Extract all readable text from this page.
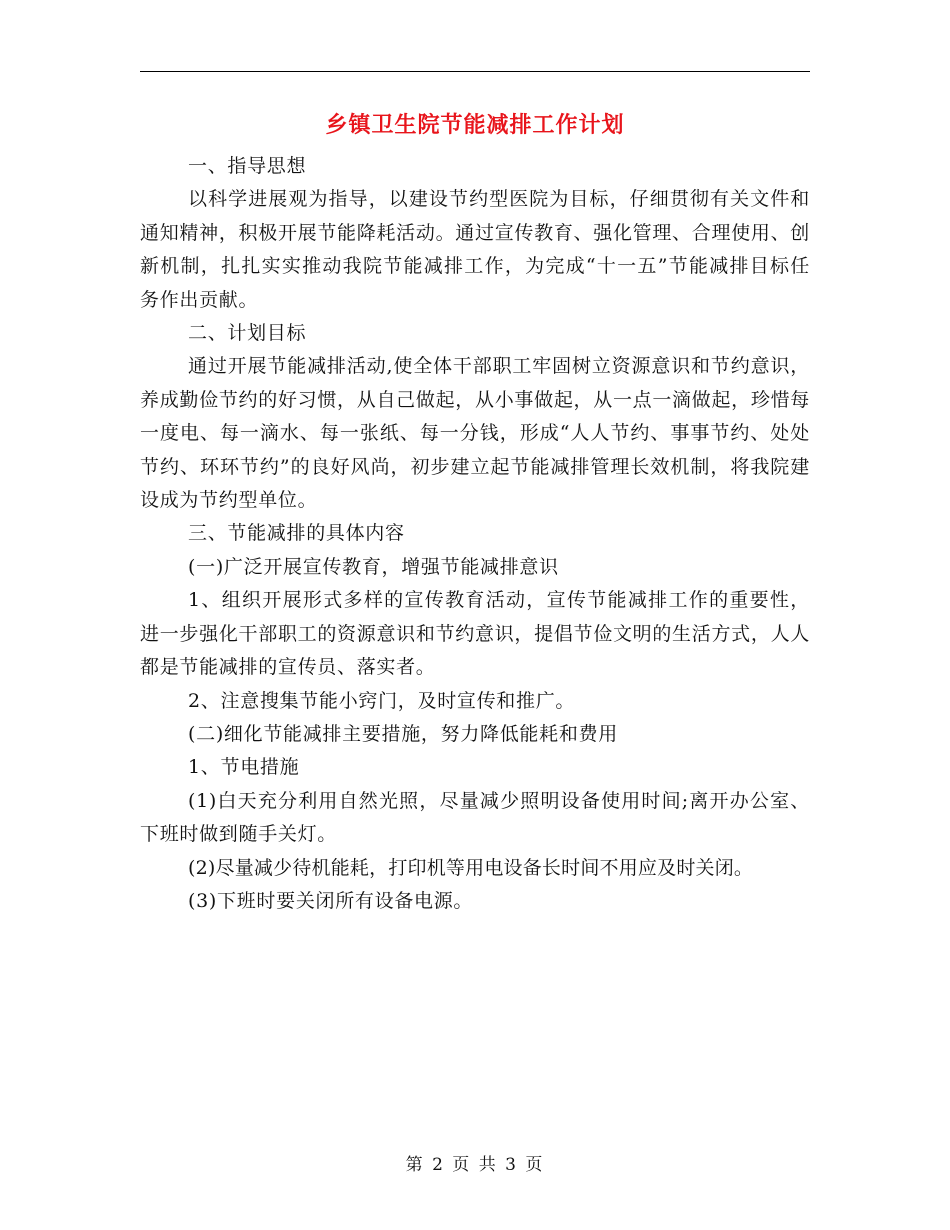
乡镇卫生院节能减排工作计划

一、指导思想

以科学进展观为指导，以建设节约型医院为目标，仔细贯彻有关文件和通知精神，积极开展节能降耗活动。通过宣传教育、强化管理、合理使用、创新机制，扎扎实实推动我院节能减排工作，为完成“十一五”节能减排目标任务作出贡献。

二、计划目标

通过开展节能减排活动,使全体干部职工牢固树立资源意识和节约意识，养成勤俭节约的好习惯，从自己做起，从小事做起，从一点一滴做起，珍惜每一度电、每一滴水、每一张纸、每一分钱，形成“人人节约、事事节约、处处节约、环环节约”的良好风尚，初步建立起节能减排管理长效机制，将我院建设成为节约型单位。

三、节能减排的具体内容

(一)广泛开展宣传教育，增强节能减排意识

1、组织开展形式多样的宣传教育活动，宣传节能减排工作的重要性，进一步强化干部职工的资源意识和节约意识，提倡节俭文明的生活方式，人人都是节能减排的宣传员、落实者。

2、注意搜集节能小窍门，及时宣传和推广。

(二)细化节能减排主要措施，努力降低能耗和费用

1、节电措施

(1)白天充分利用自然光照，尽量减少照明设备使用时间;离开办公室、下班时做到随手关灯。

(2)尽量减少待机能耗，打印机等用电设备长时间不用应及时关闭。

(3)下班时要关闭所有设备电源。

第 2 页 共 3 页
